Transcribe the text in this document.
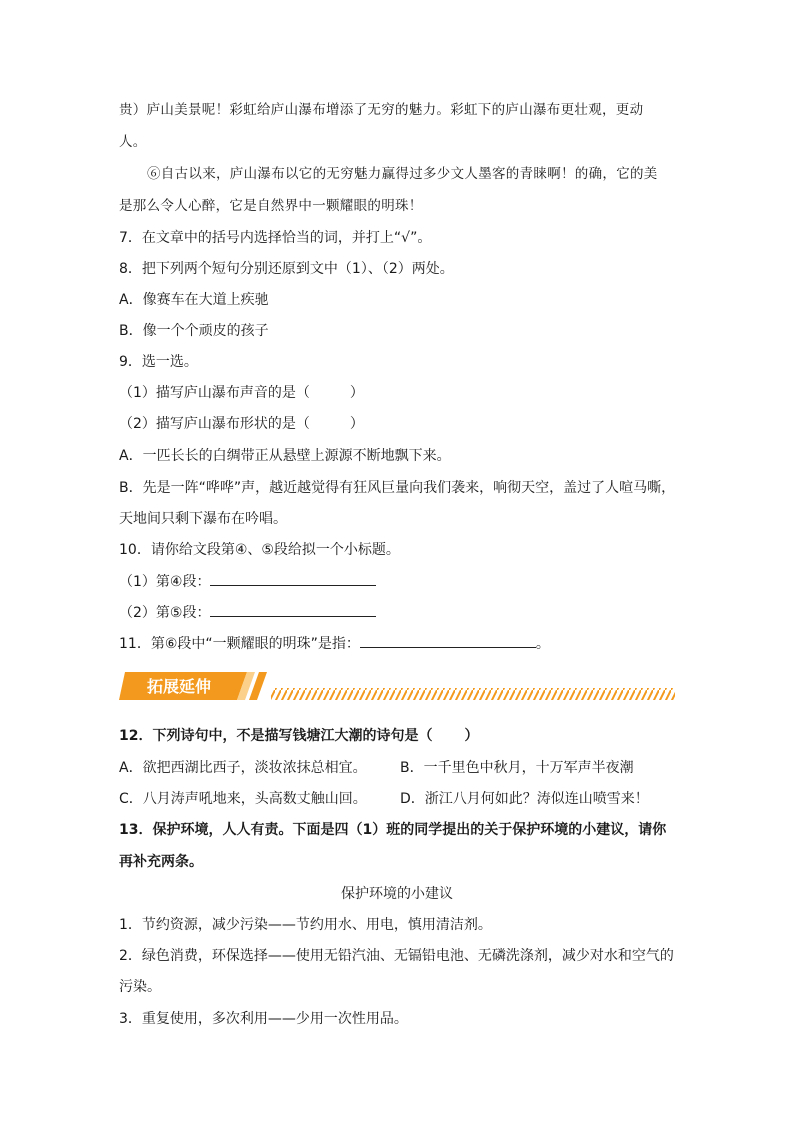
贵）庐山美景呢！彩虹给庐山瀑布增添了无穷的魅力。彩虹下的庐山瀑布更壮观，更动
人。
⑥自古以来，庐山瀑布以它的无穷魅力赢得过多少文人墨客的青睐啊！的确，它的美
是那么令人心醉，它是自然界中一颗耀眼的明珠！
7．在文章中的括号内选择恰当的词，并打上“√”。
8．把下列两个短句分别还原到文中（1）、（2）两处。
A．像赛车在大道上疾驰
B．像一个个顽皮的孩子
9．选一选。
（1）描写庐山瀑布声音的是（	）
（2）描写庐山瀑布形状的是（	）
A．一匹长长的白绸带正从悬壁上源源不断地飘下来。
B．先是一阵“哗哗”声，越近越觉得有狂风巨量向我们袭来，响彻天空，盖过了人喧马嘶，
天地间只剩下瀑布在吟唱。
10．请你给文段第④、⑤段给拟一个小标题。
（1）第④段：
（2）第⑤段：
11．第⑥段中“一颗耀眼的明珠”是指：	。
拓展延伸
12．下列诗句中，不是描写钱塘江大潮的诗句是（ ）
A．欲把西湖比西子，淡妆浓抹总相宜。 B．一千里色中秋月，十万军声半夜潮
C．八月涛声吼地来，头高数丈触山回。 D．浙江八月何如此？涛似连山喷雪来！
13．保护环境，人人有责。下面是四（1）班的同学提出的关于保护环境的小建议，请你
再补充两条。
保护环境的小建议
1．节约资源，减少污染——节约用水、用电，慎用清洁剂。
2．绿色消费，环保选择——使用无铅汽油、无镉铅电池、无磷洗涤剂，减少对水和空气的
污染。
3．重复使用，多次利用——少用一次性用品。
